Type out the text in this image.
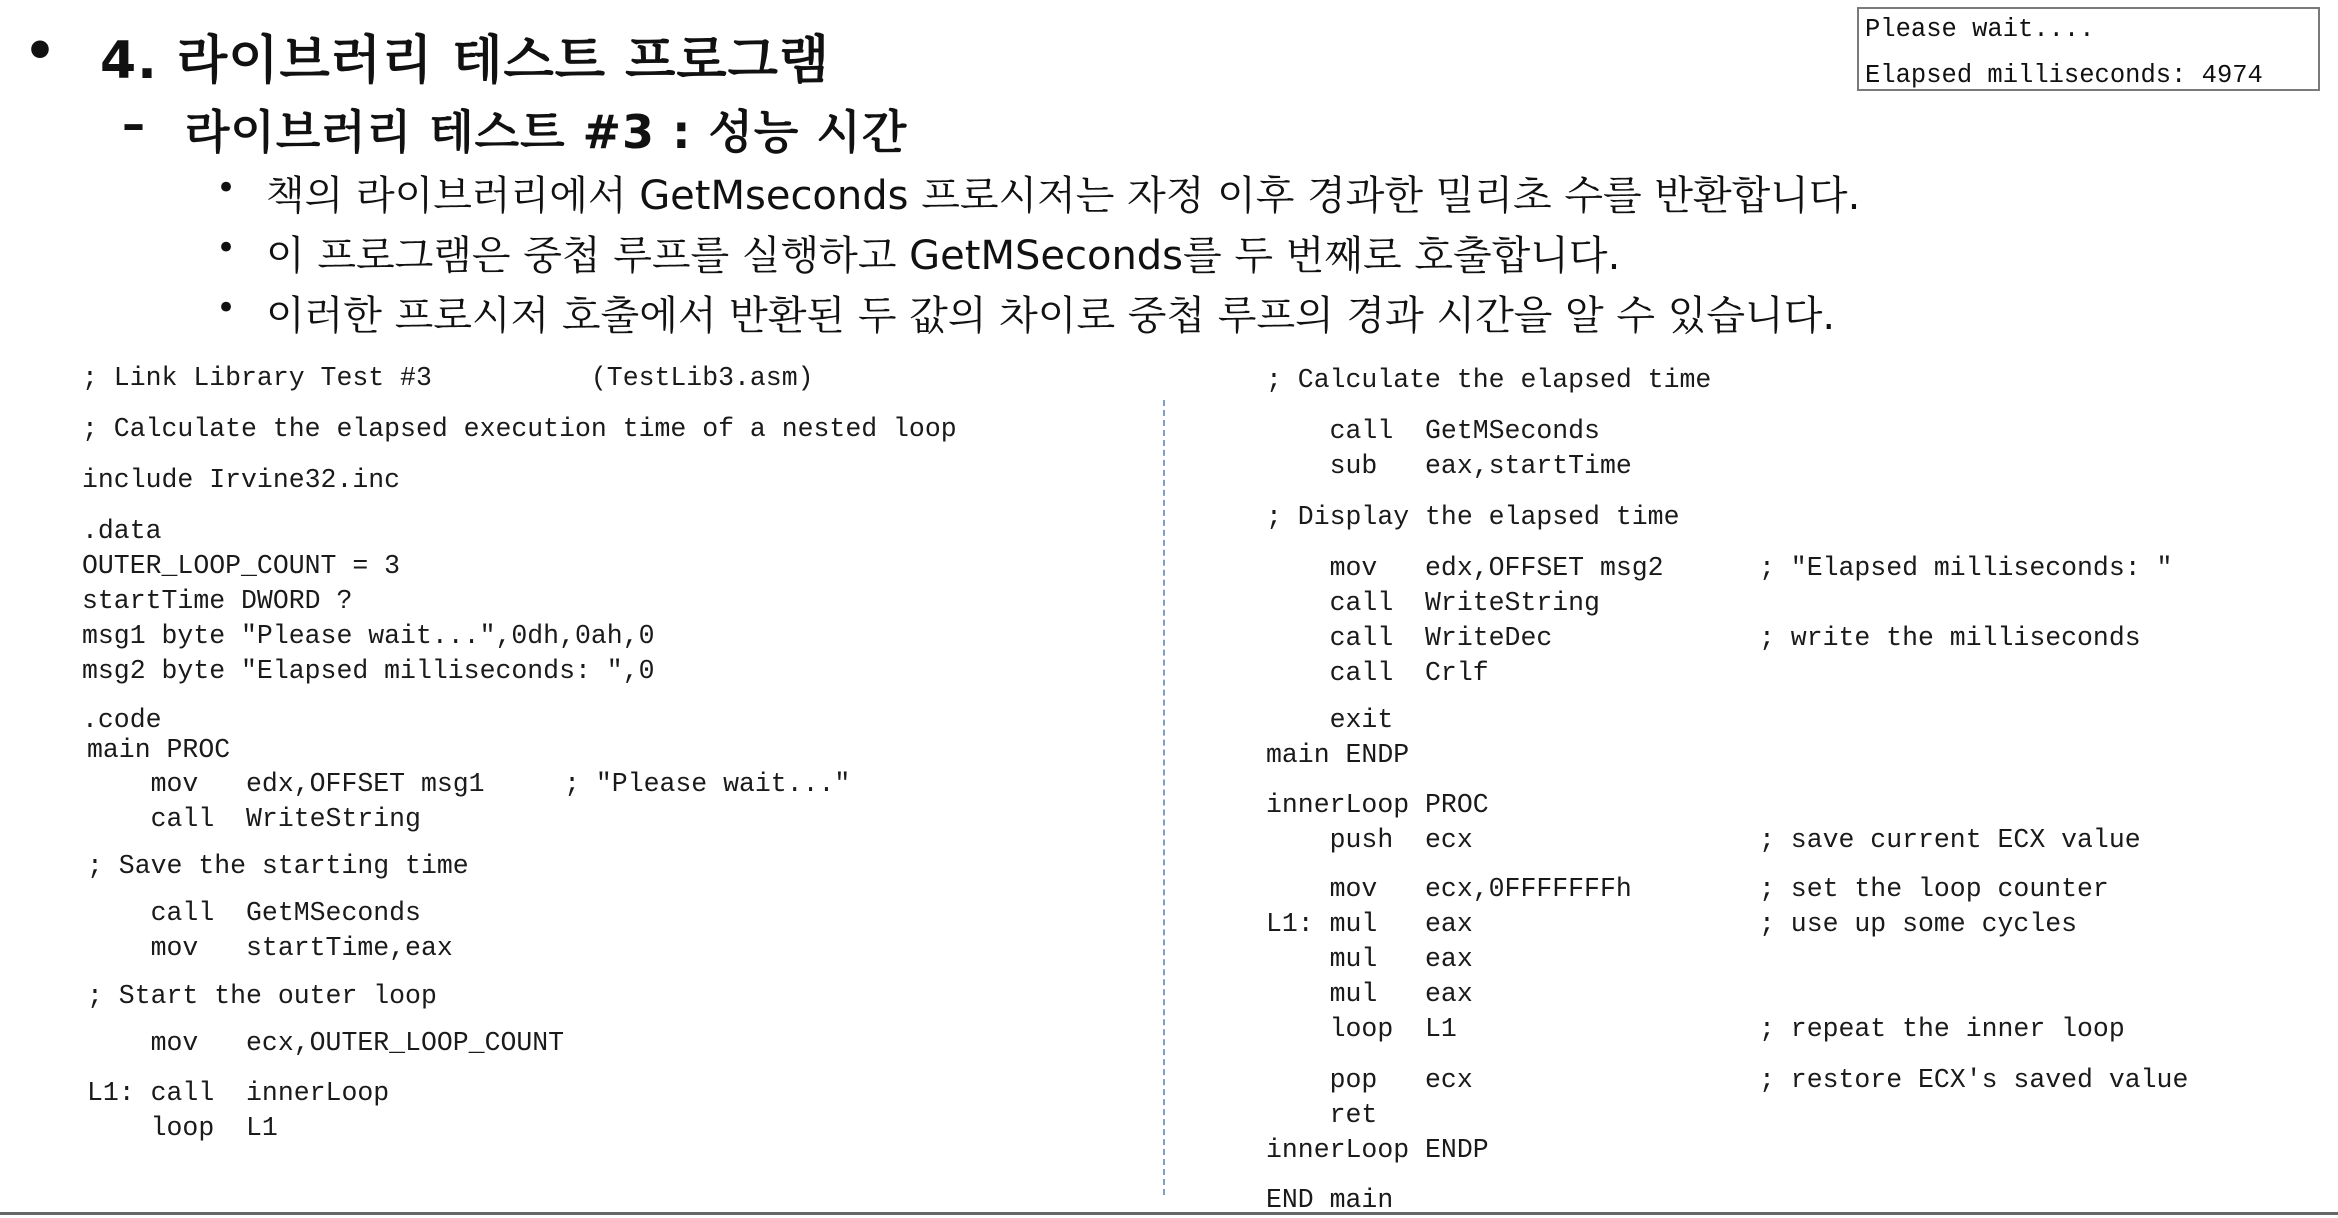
• 4. 라이브러리 테스트 프로그램
– 라이브러리 테스트 #3 : 성능 시간
• 책의 라이브러리에서 GetMseconds 프로시저는 자정 이후 경과한 밀리초 수를 반환합니다.
• 이 프로그램은 중첩 루프를 실행하고 GetMSeconds를 두 번째로 호출합니다.
• 이러한 프로시저 호출에서 반환된 두 값의 차이로 중첩 루프의 경과 시간을 알 수 있습니다.
Please wait....
Elapsed milliseconds: 4974
; Link Library Test #3          (TestLib3.asm)
; Calculate the elapsed execution time of a nested loop
include Irvine32.inc
.data
OUTER_LOOP_COUNT = 3
startTime DWORD ?
msg1 byte "Please wait...",0dh,0ah,0
msg2 byte "Elapsed milliseconds: ",0
.code
main PROC
mov   edx,OFFSET msg1     ; "Please wait..."
call  WriteString
; Save the starting time
call  GetMSeconds
mov   startTime,eax
; Start the outer loop
mov   ecx,OUTER_LOOP_COUNT
L1: call  innerLoop
loop  L1
; Calculate the elapsed time
call  GetMSeconds
sub   eax,startTime
; Display the elapsed time
mov   edx,OFFSET msg2      ; "Elapsed milliseconds: "
call  WriteString
call  WriteDec             ; write the milliseconds
call  Crlf
exit
main ENDP
innerLoop PROC
push  ecx                  ; save current ECX value
mov   ecx,0FFFFFFFh        ; set the loop counter
L1: mul   eax                  ; use up some cycles
mul   eax
mul   eax
loop  L1                   ; repeat the inner loop
pop   ecx                  ; restore ECX's saved value
ret
innerLoop ENDP
END main
